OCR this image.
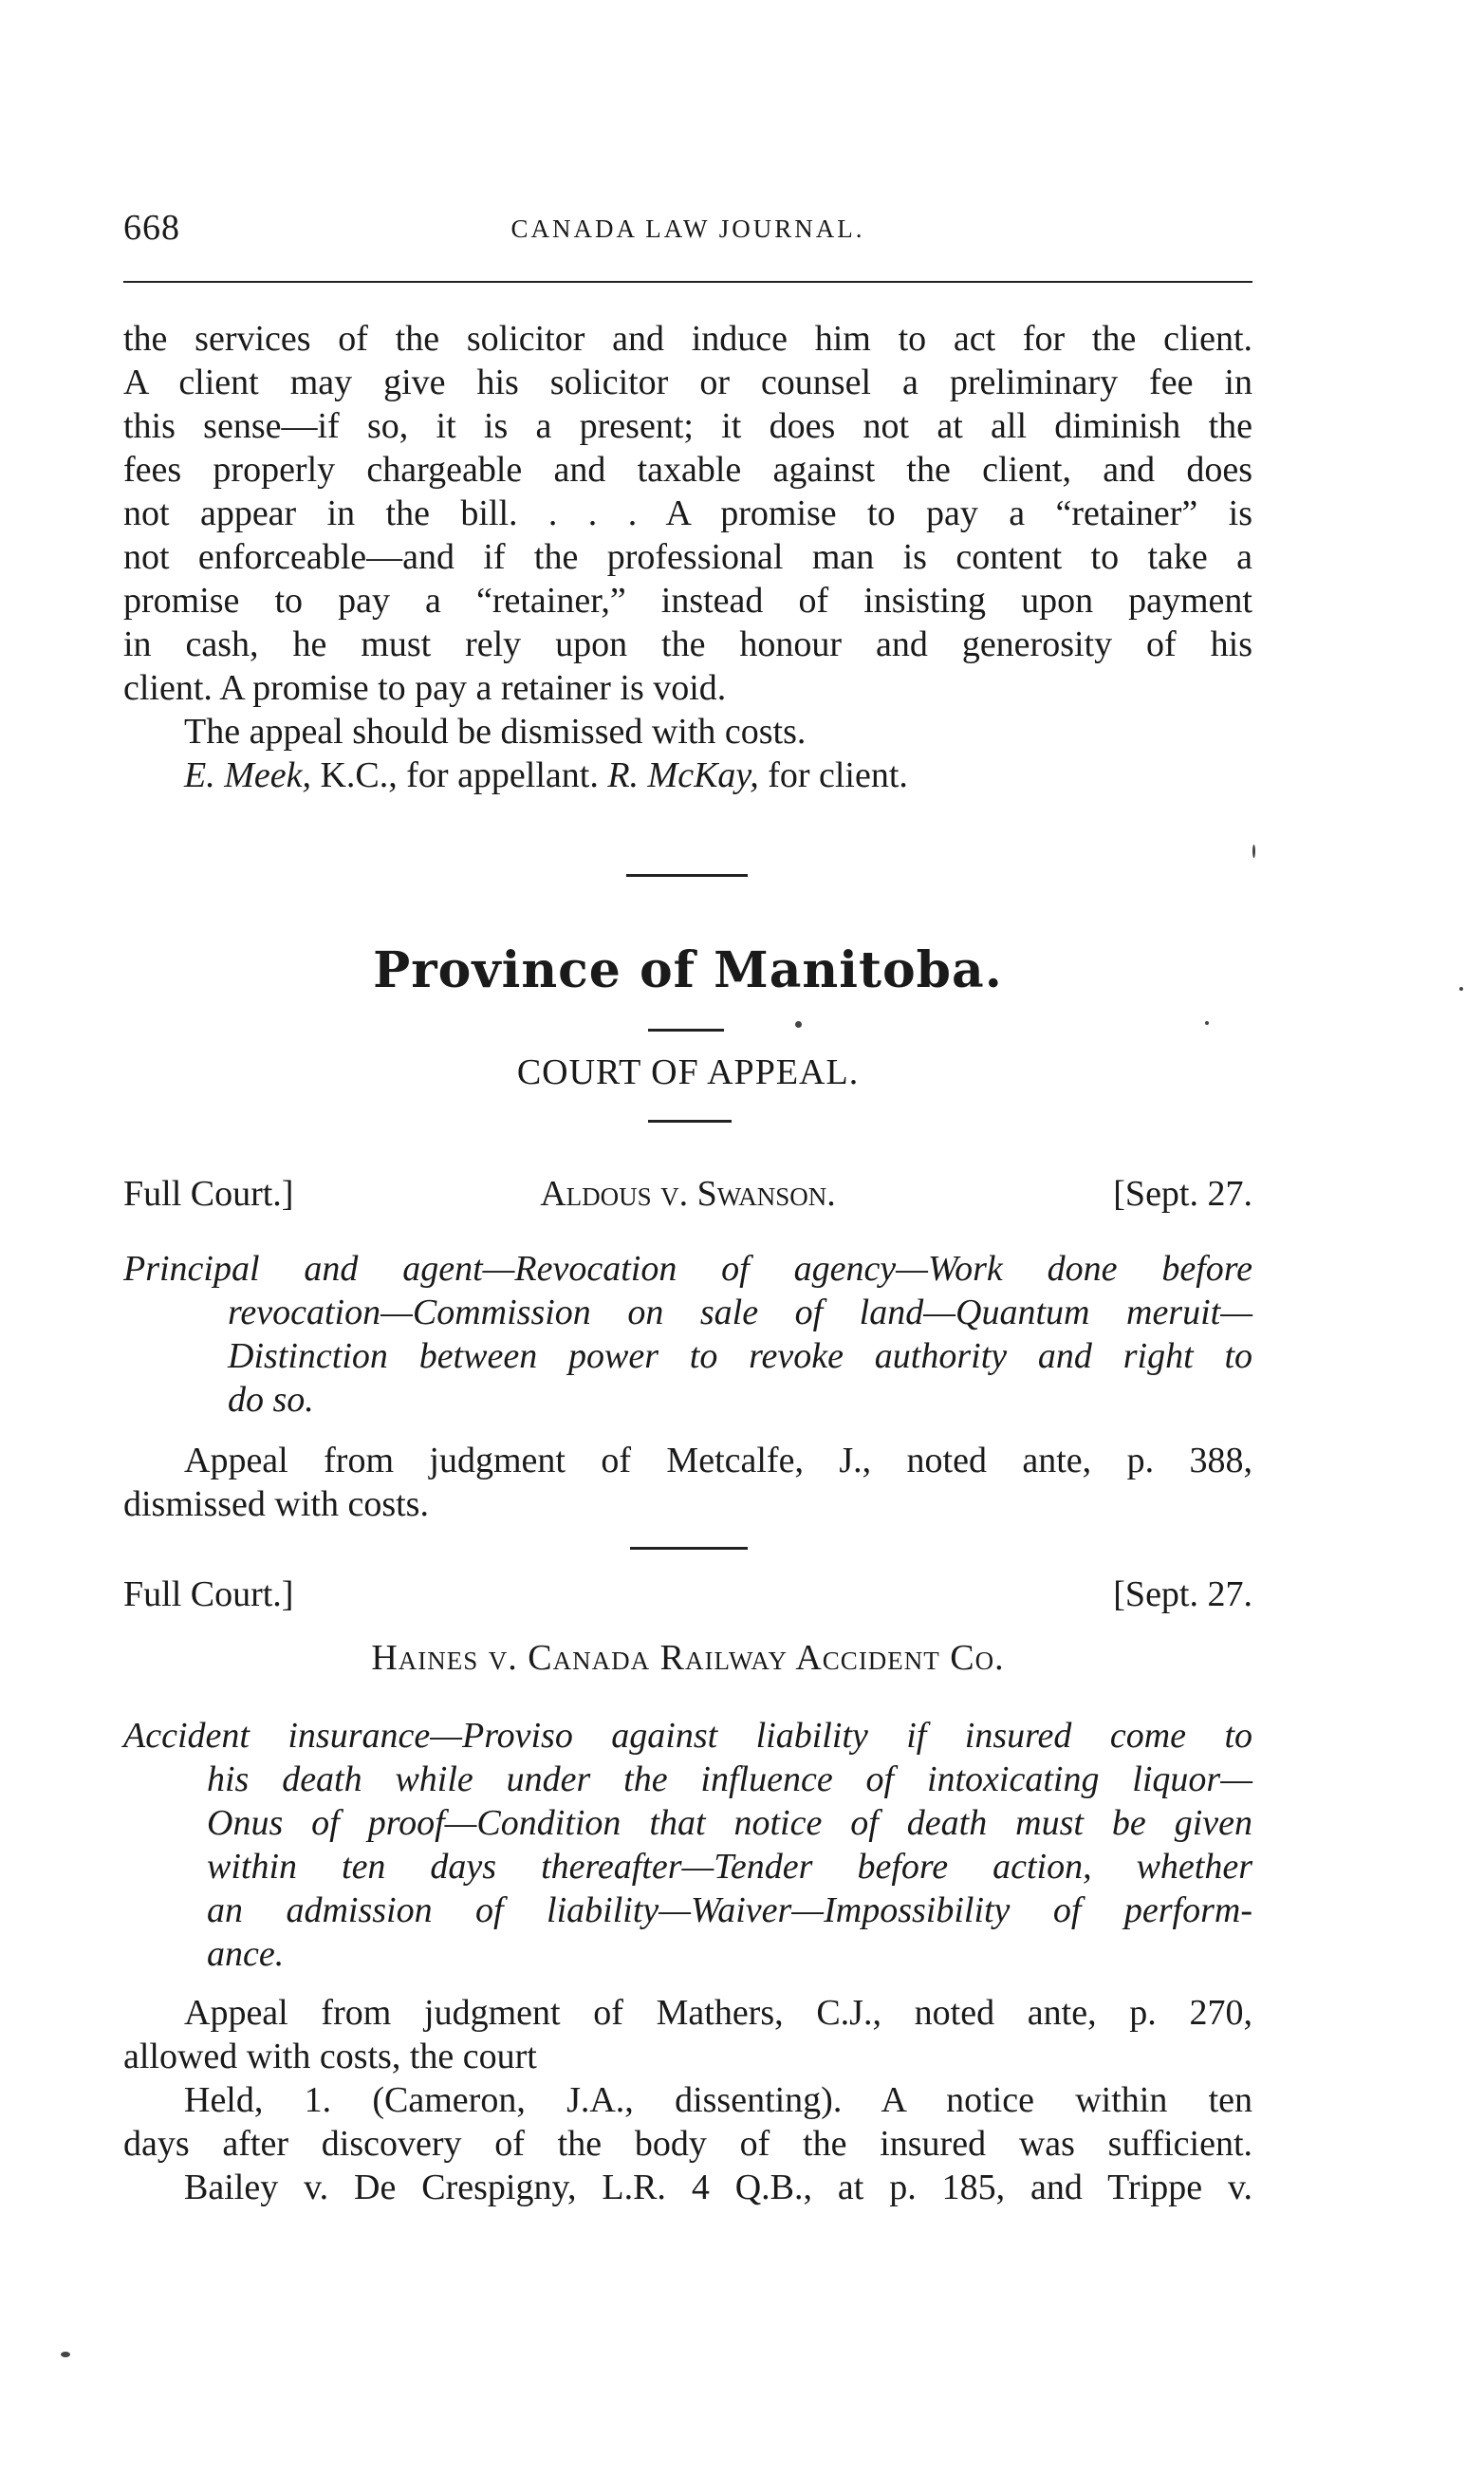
668	CANADA LAW JOURNAL.
the services of the solicitor and induce him to act for the client.
A client may give his solicitor or counsel a preliminary fee in
this sense—if so, it is a present; it does not at all diminish the
fees properly chargeable and taxable against the client, and does
not appear in the bill. . . . A promise to pay a “retainer” is
not enforceable—and if the professional man is content to take a
promise to pay a “retainer,” instead of insisting upon payment
in cash, he must rely upon the honour and generosity of his
client. A promise to pay a retainer is void.
The appeal should be dismissed with costs.
E. Meek, K.C., for appellant. R. McKay, for client.
Province of Manitoba.
COURT OF APPEAL.
Full Court.]	Aldous v. Swanson.	[Sept. 27.
Principal and agent—Revocation of agency—Work done before
revocation—Commission on sale of land—Quantum meruit—
Distinction between power to revoke authority and right to
do so.
Appeal from judgment of Metcalfe, J., noted ante, p. 388,
dismissed with costs.
Full Court.]	[Sept. 27.
Haines v. Canada Railway Accident Co.
Accident insurance—Proviso against liability if insured come to
his death while under the influence of intoxicating liquor—
Onus of proof—Condition that notice of death must be given
within ten days thereafter—Tender before action, whether
an admission of liability—Waiver—Impossibility of perform-
ance.
Appeal from judgment of Mathers, C.J., noted ante, p. 270,
allowed with costs, the court
Held, 1. (Cameron, J.A., dissenting). A notice within ten
days after discovery of the body of the insured was sufficient.
Bailey v. De Crespigny, L.R. 4 Q.B., at p. 185, and Trippe v.
